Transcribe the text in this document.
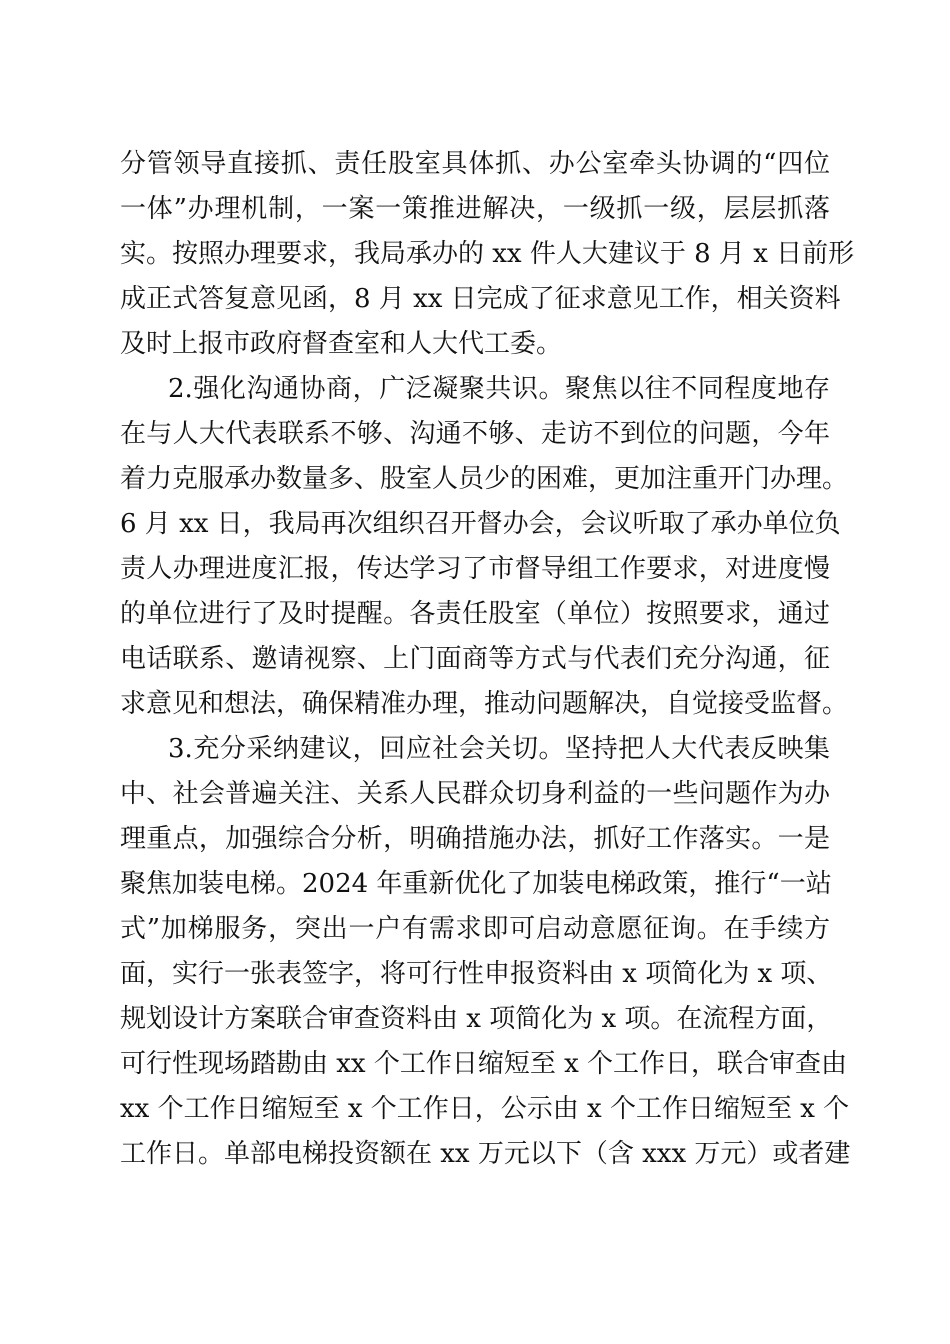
分管领导直接抓、责任股室具体抓、办公室牵头协调的“四位
一体”办理机制，一案一策推进解决，一级抓一级，层层抓落
实。按照办理要求，我局承办的 xx 件人大建议于 8 月 x 日前形
成正式答复意见函，8 月 xx 日完成了征求意见工作，相关资料
及时上报市政府督查室和人大代工委。
2.强化沟通协商，广泛凝聚共识。聚焦以往不同程度地存
在与人大代表联系不够、沟通不够、走访不到位的问题，今年
着力克服承办数量多、股室人员少的困难，更加注重开门办理。
6 月 xx 日，我局再次组织召开督办会，会议听取了承办单位负
责人办理进度汇报，传达学习了市督导组工作要求，对进度慢
的单位进行了及时提醒。各责任股室（单位）按照要求，通过
电话联系、邀请视察、上门面商等方式与代表们充分沟通，征
求意见和想法，确保精准办理，推动问题解决，自觉接受监督。
3.充分采纳建议，回应社会关切。坚持把人大代表反映集
中、社会普遍关注、关系人民群众切身利益的一些问题作为办
理重点，加强综合分析，明确措施办法，抓好工作落实。一是
聚焦加装电梯。2024 年重新优化了加装电梯政策，推行“一站
式”加梯服务，突出一户有需求即可启动意愿征询。在手续方
面，实行一张表签字，将可行性申报资料由 x 项简化为 x 项、
规划设计方案联合审查资料由 x 项简化为 x 项。在流程方面，
可行性现场踏勘由 xx 个工作日缩短至 x 个工作日，联合审查由
xx 个工作日缩短至 x 个工作日，公示由 x 个工作日缩短至 x 个
工作日。单部电梯投资额在 xx 万元以下（含 xxx 万元）或者建
